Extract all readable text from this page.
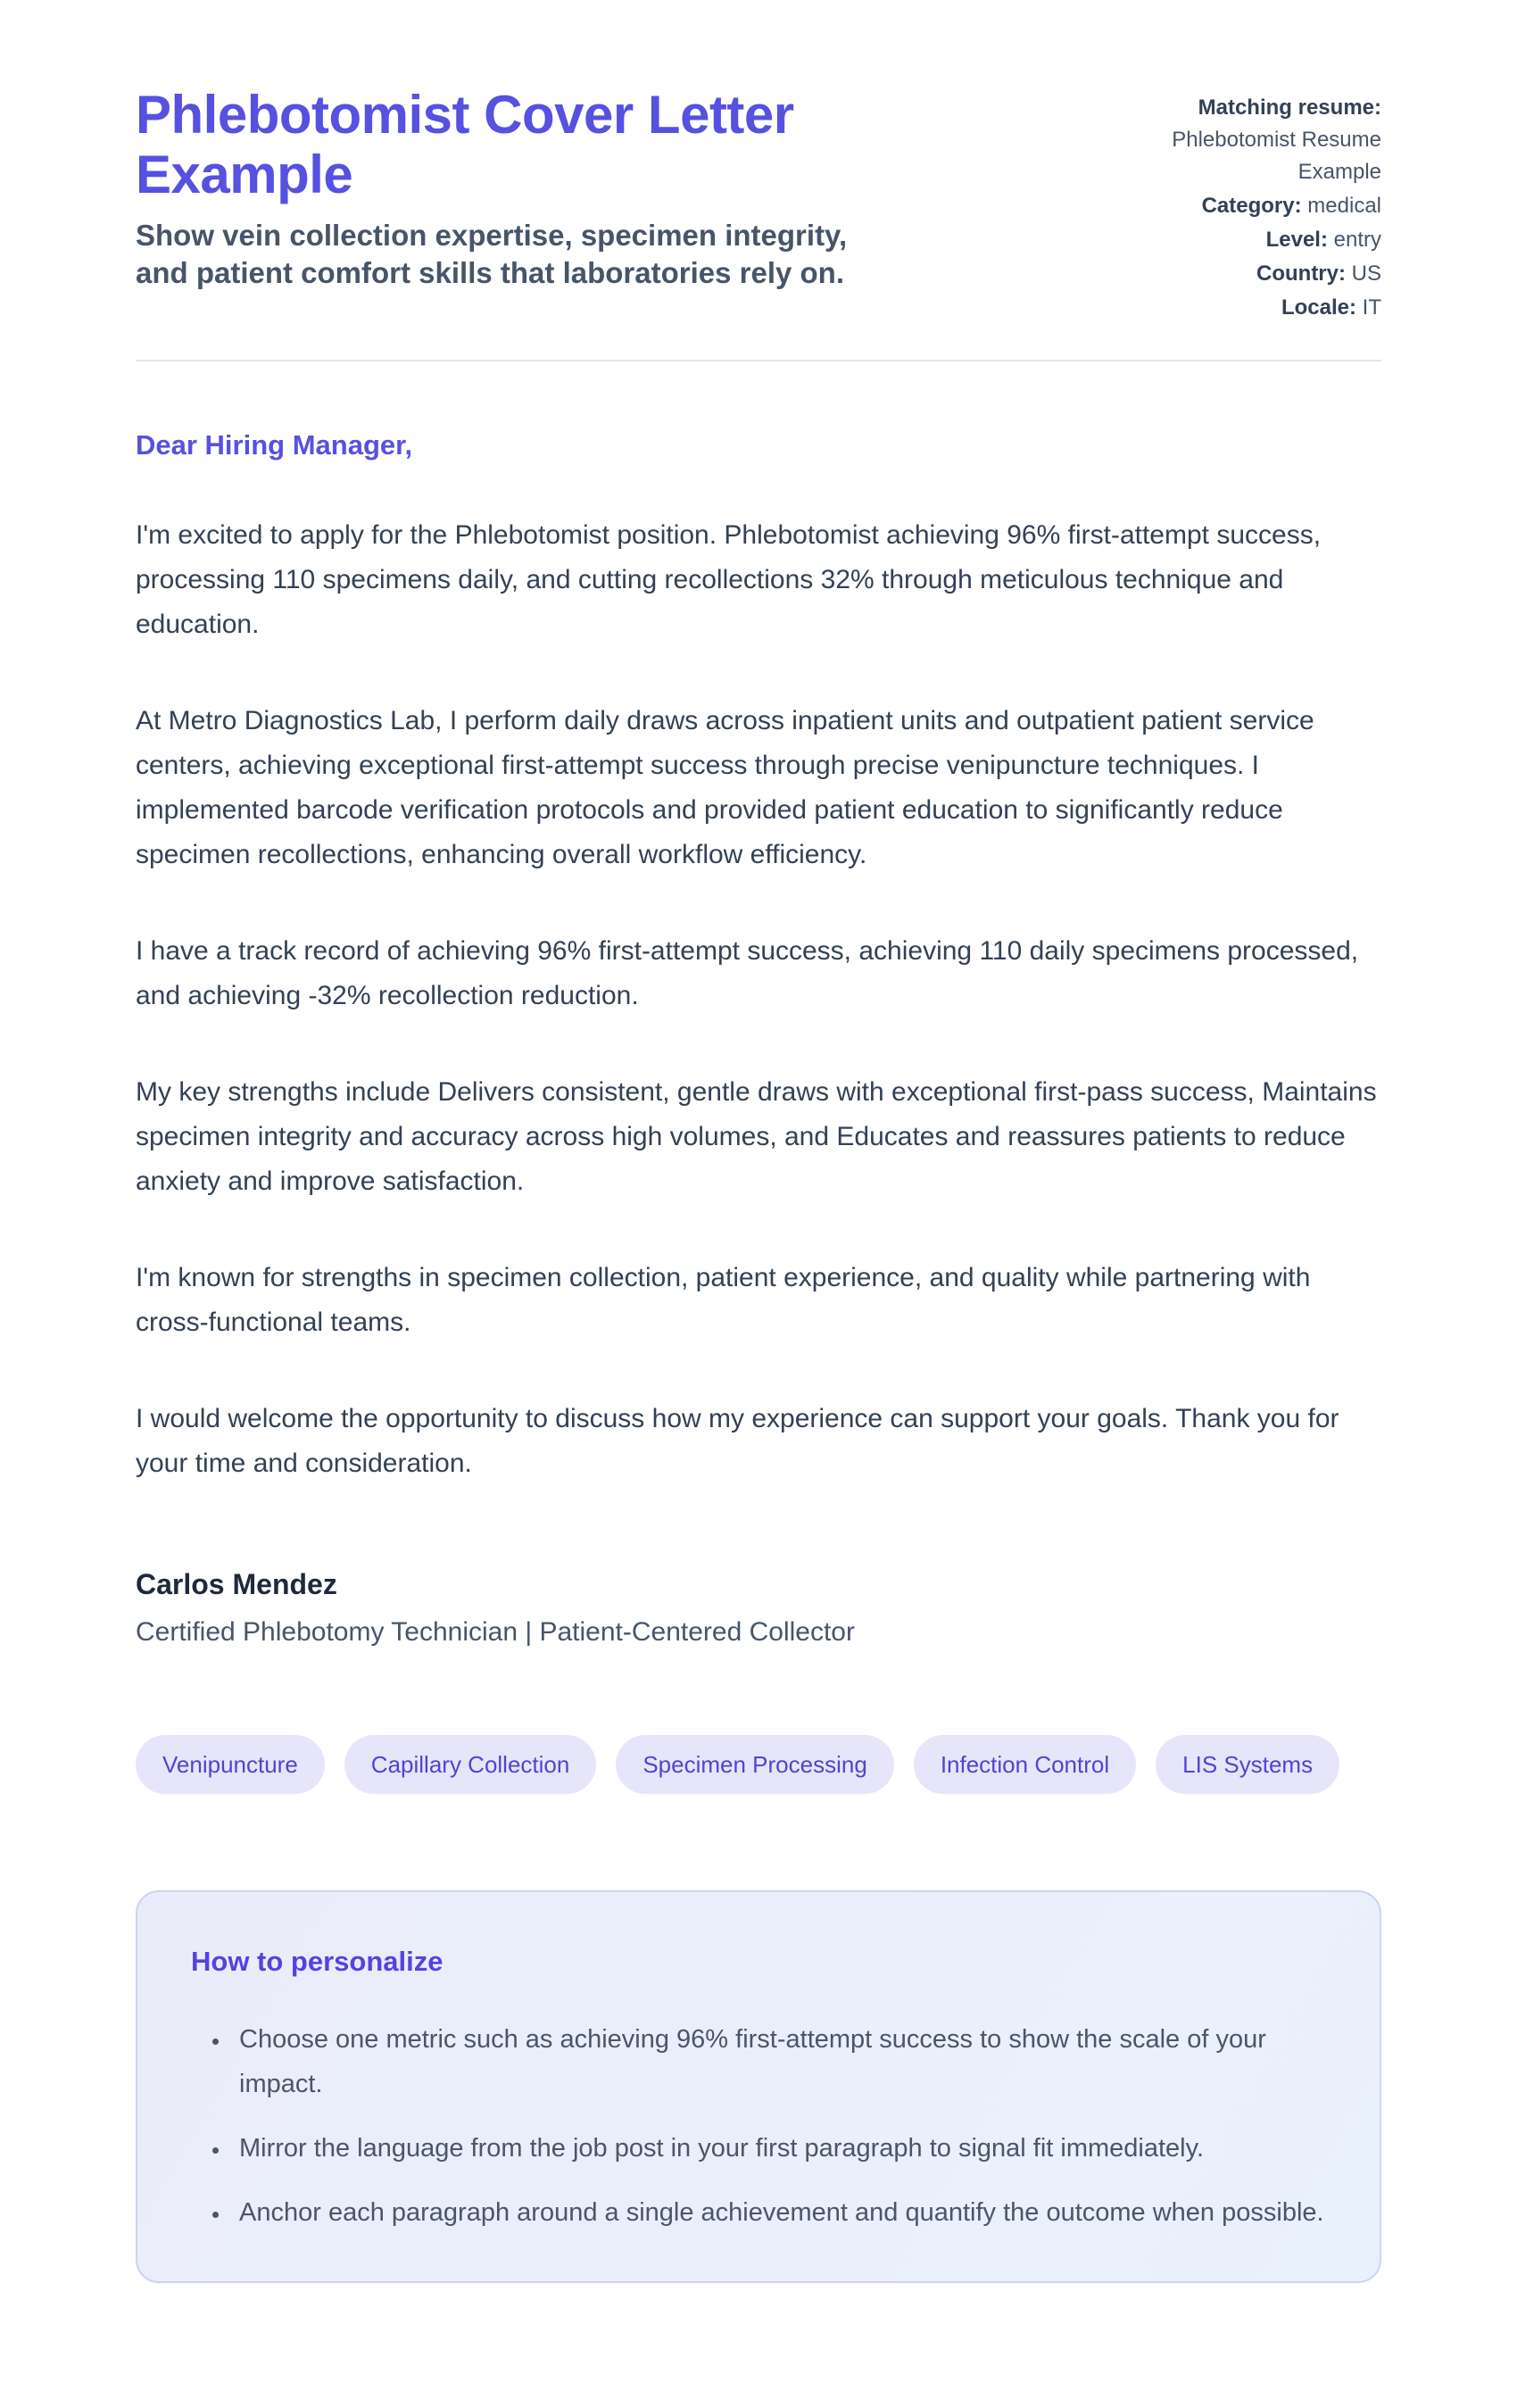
Phlebotomist Cover Letter Example

Show vein collection expertise, specimen integrity, and patient comfort skills that laboratories rely on.

Matching resume:
Phlebotomist Resume Example
Category: medical
Level: entry
Country: US
Locale: IT

Dear Hiring Manager,

I'm excited to apply for the Phlebotomist position. Phlebotomist achieving 96% first-attempt success, processing 110 specimens daily, and cutting recollections 32% through meticulous technique and education.

At Metro Diagnostics Lab, I perform daily draws across inpatient units and outpatient patient service centers, achieving exceptional first-attempt success through precise venipuncture techniques. I implemented barcode verification protocols and provided patient education to significantly reduce specimen recollections, enhancing overall workflow efficiency.

I have a track record of achieving 96% first-attempt success, achieving 110 daily specimens processed, and achieving -32% recollection reduction.

My key strengths include Delivers consistent, gentle draws with exceptional first-pass success, Maintains specimen integrity and accuracy across high volumes, and Educates and reassures patients to reduce anxiety and improve satisfaction.

I'm known for strengths in specimen collection, patient experience, and quality while partnering with cross-functional teams.

I would welcome the opportunity to discuss how my experience can support your goals. Thank you for your time and consideration.

Carlos Mendez
Certified Phlebotomy Technician | Patient-Centered Collector
Venipuncture	Capillary Collection	Specimen Processing	Infection Control	LIS Systems
How to personalize
• Choose one metric such as achieving 96% first-attempt success to show the scale of your impact.
• Mirror the language from the job post in your first paragraph to signal fit immediately.
• Anchor each paragraph around a single achievement and quantify the outcome when possible.
